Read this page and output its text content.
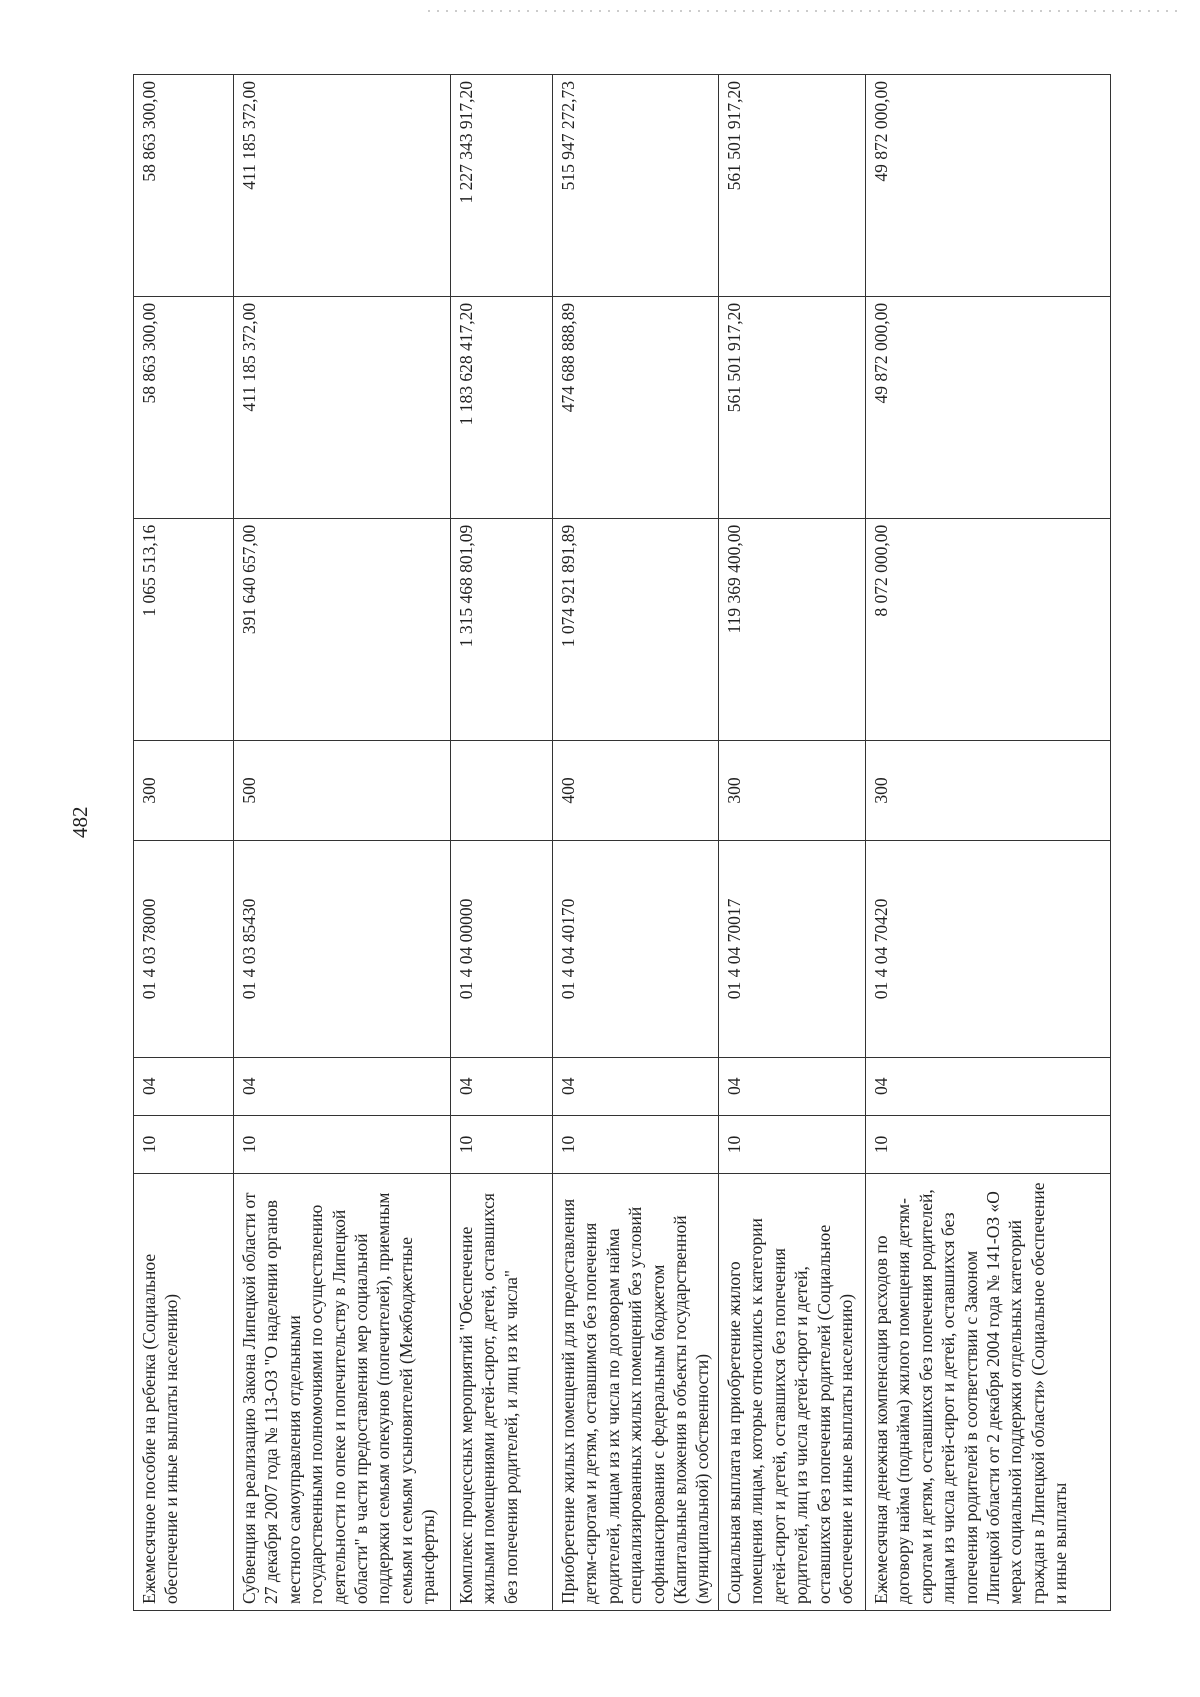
482
Ежемесячное пособие на ребенка (Социальное обеспечение и иные выплаты населению)	10	04	01 4 03 78000	300	1 065 513,16	58 863 300,00	58 863 300,00
Субвенция на реализацию Закона Липецкой области от 27 декабря 2007 года № 113-ОЗ "О наделении органов местного самоуправления отдельными государственными полномочиями по осуществлению деятельности по опеке и попечительству в Липецкой области" в части предоставления мер социальной поддержки семьям опекунов (попечителей), приемным семьям и семьям усыновителей (Межбюджетные трансферты)	10	04	01 4 03 85430	500	391 640 657,00	411 185 372,00	411 185 372,00
Комплекс процессных мероприятий "Обеспечение жилыми помещениями детей-сирот, детей, оставшихся без попечения родителей, и лиц из их числа"	10	04	01 4 04 00000		1 315 468 801,09	1 183 628 417,20	1 227 343 917,20
Приобретение жилых помещений для предоставления детям-сиротам и детям, оставшимся без попечения родителей, лицам из их числа по договорам найма специализированных жилых помещений без условий софинансирования с федеральным бюджетом (Капитальные вложения в объекты государственной (муниципальной) собственности)	10	04	01 4 04 40170	400	1 074 921 891,89	474 688 888,89	515 947 272,73
Социальная выплата на приобретение жилого помещения лицам, которые относились к категории детей-сирот и детей, оставшихся без попечения родителей, лиц из числа детей-сирот и детей, оставшихся без попечения родителей (Социальное обеспечение и иные выплаты населению)	10	04	01 4 04 70017	300	119 369 400,00	561 501 917,20	561 501 917,20
Ежемесячная денежная компенсация расходов по договору найма (поднайма) жилого помещения детям-сиротам и детям, оставшихся без попечения родителей, лицам из числа детей-сирот и детей, оставшихся без попечения родителей в соответствии с Законом Липецкой области от 2 декабря 2004 года № 141-ОЗ «О мерах социальной поддержки отдельных категорий граждан в Липецкой области» (Социальное обеспечение и иные выплаты	10	04	01 4 04 70420	300	8 072 000,00	49 872 000,00	49 872 000,00
